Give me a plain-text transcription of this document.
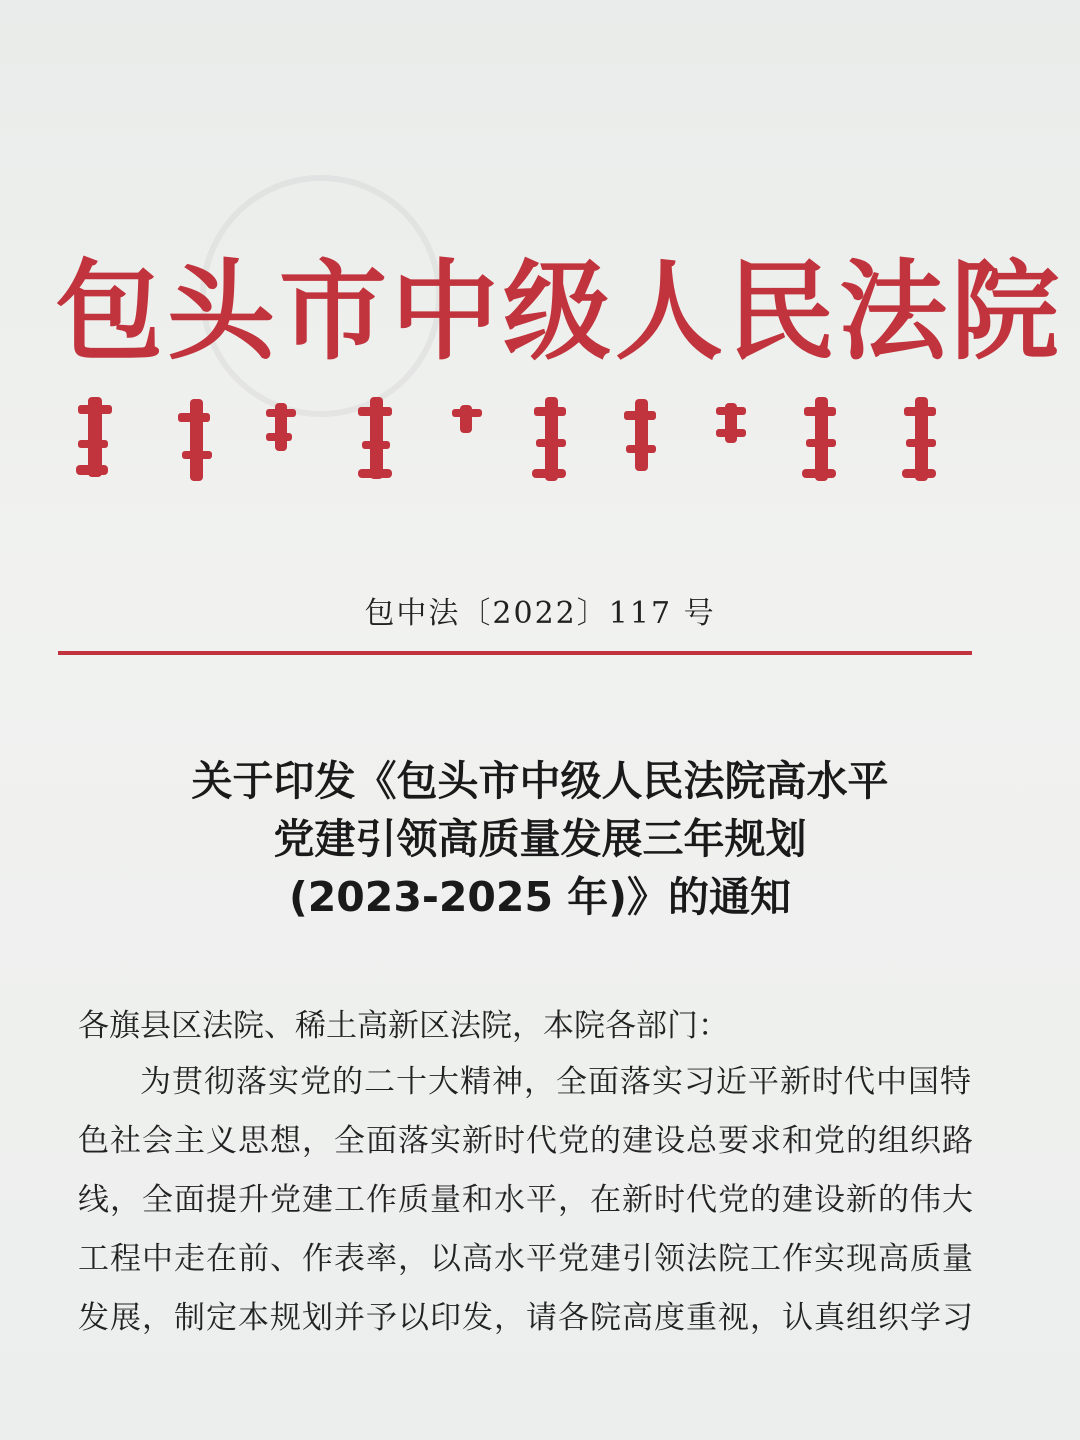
包头市中级人民法院
包中法〔2022〕117 号
关于印发《包头市中级人民法院高水平
党建引领高质量发展三年规划
(2023-2025 年)》的通知
各旗县区法院、稀土高新区法院，本院各部门：
为贯彻落实党的二十大精神，全面落实习近平新时代中国特
色社会主义思想，全面落实新时代党的建设总要求和党的组织路
线，全面提升党建工作质量和水平，在新时代党的建设新的伟大
工程中走在前、作表率，以高水平党建引领法院工作实现高质量
发展，制定本规划并予以印发，请各院高度重视，认真组织学习
